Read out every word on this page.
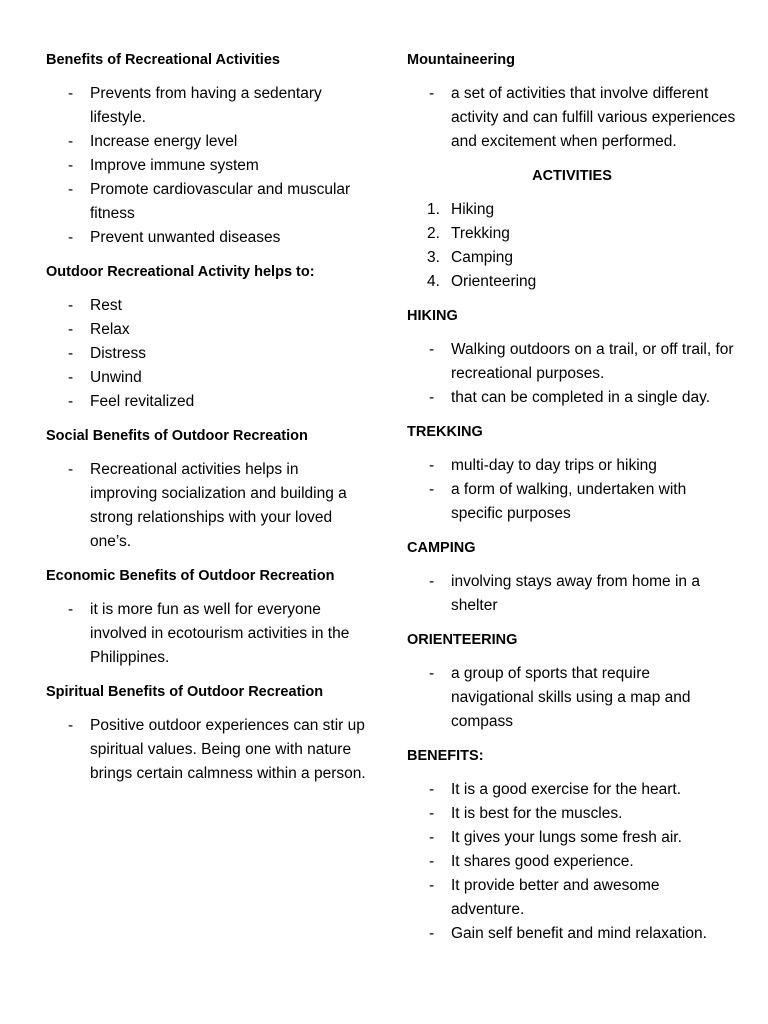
Benefits of Recreational Activities
-	Prevents from having a sedentary lifestyle.
-	Increase energy level
-	Improve immune system
-	Promote cardiovascular and muscular fitness
-	Prevent unwanted diseases
Outdoor Recreational Activity helps to:
-	Rest
-	Relax
-	Distress
-	Unwind
-	Feel revitalized
Social Benefits of Outdoor Recreation
-	Recreational activities helps in improving socialization and building a strong relationships with your loved one’s.
Economic Benefits of Outdoor Recreation
-	it is more fun as well for everyone involved in ecotourism activities in the Philippines.
Spiritual Benefits of Outdoor Recreation
-	Positive outdoor experiences can stir up spiritual values. Being one with nature brings certain calmness within a person.
Mountaineering
-	a set of activities that involve different activity and can fulfill various experiences and excitement when performed.
ACTIVITIES
1. Hiking
2. Trekking
3. Camping
4. Orienteering
HIKING
-	Walking outdoors on a trail, or off trail, for recreational purposes.
-	that can be completed in a single day.
TREKKING
-	multi-day to day trips or hiking
-	a form of walking, undertaken with specific purposes
CAMPING
-	involving stays away from home in a shelter
ORIENTEERING
-	a group of sports that require navigational skills using a map and compass
BENEFITS:
-	It is a good exercise for the heart.
-	It is best for the muscles.
-	It gives your lungs some fresh air.
-	It shares good experience.
-	It provide better and awesome adventure.
-	Gain self benefit and mind relaxation.
